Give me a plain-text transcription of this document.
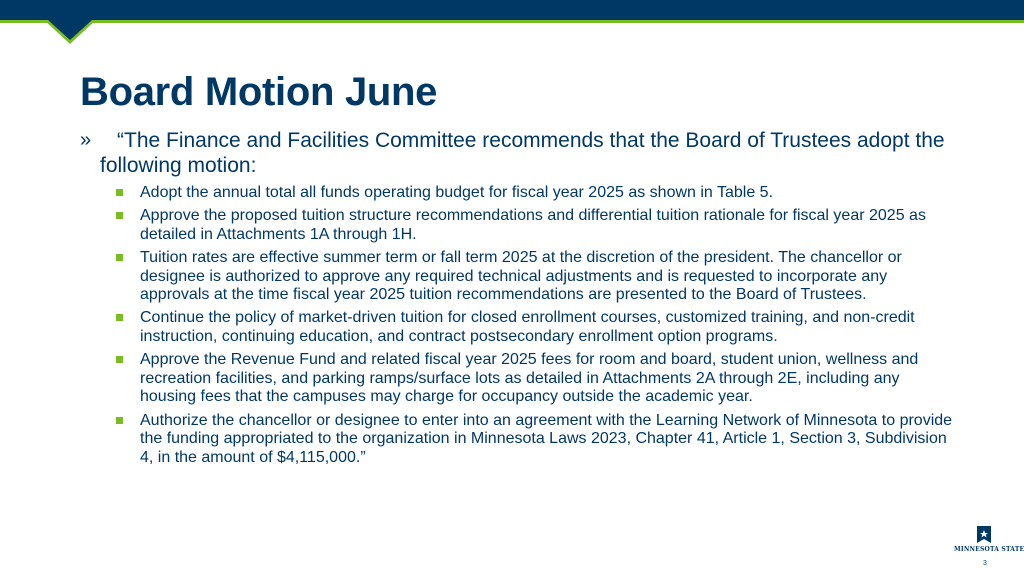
Board Motion June
»	“The Finance and Facilities Committee recommends that the Board of Trustees adopt the following motion:
Adopt the annual total all funds operating budget for fiscal year 2025 as shown in Table 5.
Approve the proposed tuition structure recommendations and differential tuition rationale for fiscal year 2025 as detailed in Attachments 1A through 1H.
Tuition rates are effective summer term or fall term 2025 at the discretion of the president. The chancellor or designee is authorized to approve any required technical adjustments and is requested to incorporate any approvals at the time fiscal year 2025 tuition recommendations are presented to the Board of Trustees.
Continue the policy of market-driven tuition for closed enrollment courses, customized training, and non-credit instruction, continuing education, and contract postsecondary enrollment option programs.
Approve the Revenue Fund and related fiscal year 2025 fees for room and board, student union, wellness and recreation facilities, and parking ramps/surface lots as detailed in Attachments 2A through 2E, including any housing fees that the campuses may charge for occupancy outside the academic year.
Authorize the chancellor or designee to enter into an agreement with the Learning Network of Minnesota to provide the funding appropriated to the organization in Minnesota Laws 2023, Chapter 41, Article 1, Section 3, Subdivision 4, in the amount of $4,115,000.”
MINNESOTA STATE
3
